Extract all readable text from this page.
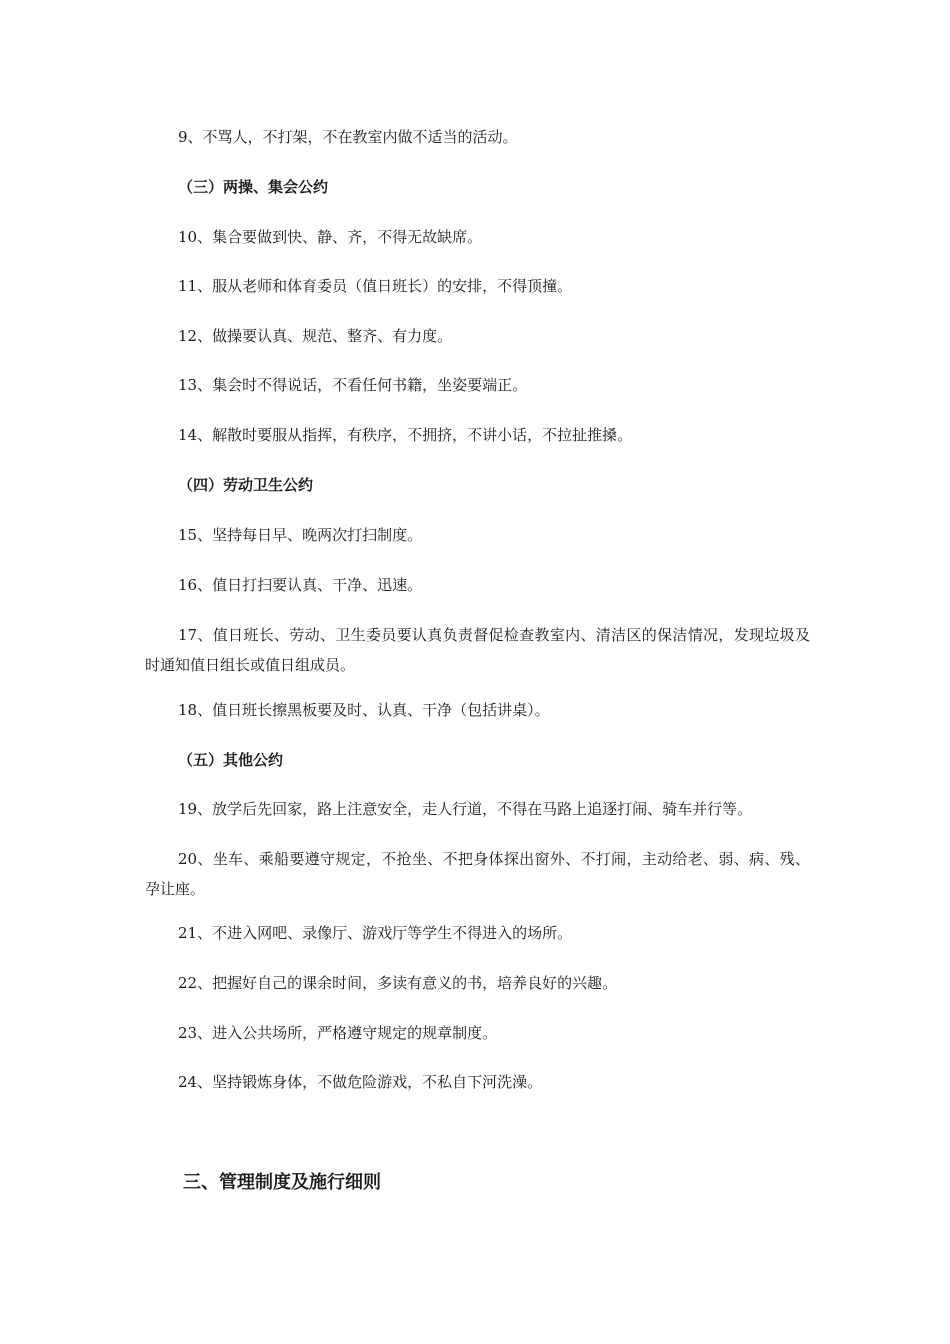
9、不骂人，不打架，不在教室内做不适当的活动。
（三）两操、集会公约
10、集合要做到快、静、齐，不得无故缺席。
11、服从老师和体育委员（值日班长）的安排，不得顶撞。
12、做操要认真、规范、整齐、有力度。
13、集会时不得说话，不看任何书籍，坐姿要端正。
14、解散时要服从指挥，有秩序，不拥挤，不讲小话，不拉扯推搡。
（四）劳动卫生公约
15、坚持每日早、晚两次打扫制度。
16、值日打扫要认真、干净、迅速。
17、值日班长、劳动、卫生委员要认真负责督促检查教室内、清洁区的保洁情况，发现垃圾及时通知值日组长或值日组成员。
18、值日班长擦黑板要及时、认真、干净（包括讲桌）。
（五）其他公约
19、放学后先回家，路上注意安全，走人行道，不得在马路上追逐打闹、骑车并行等。
20、坐车、乘船要遵守规定，不抢坐、不把身体探出窗外、不打闹，主动给老、弱、病、残、孕让座。
21、不进入网吧、录像厅、游戏厅等学生不得进入的场所。
22、把握好自己的课余时间，多读有意义的书，培养良好的兴趣。
23、进入公共场所，严格遵守规定的规章制度。
24、坚持锻炼身体，不做危险游戏，不私自下河洗澡。
三、管理制度及施行细则
